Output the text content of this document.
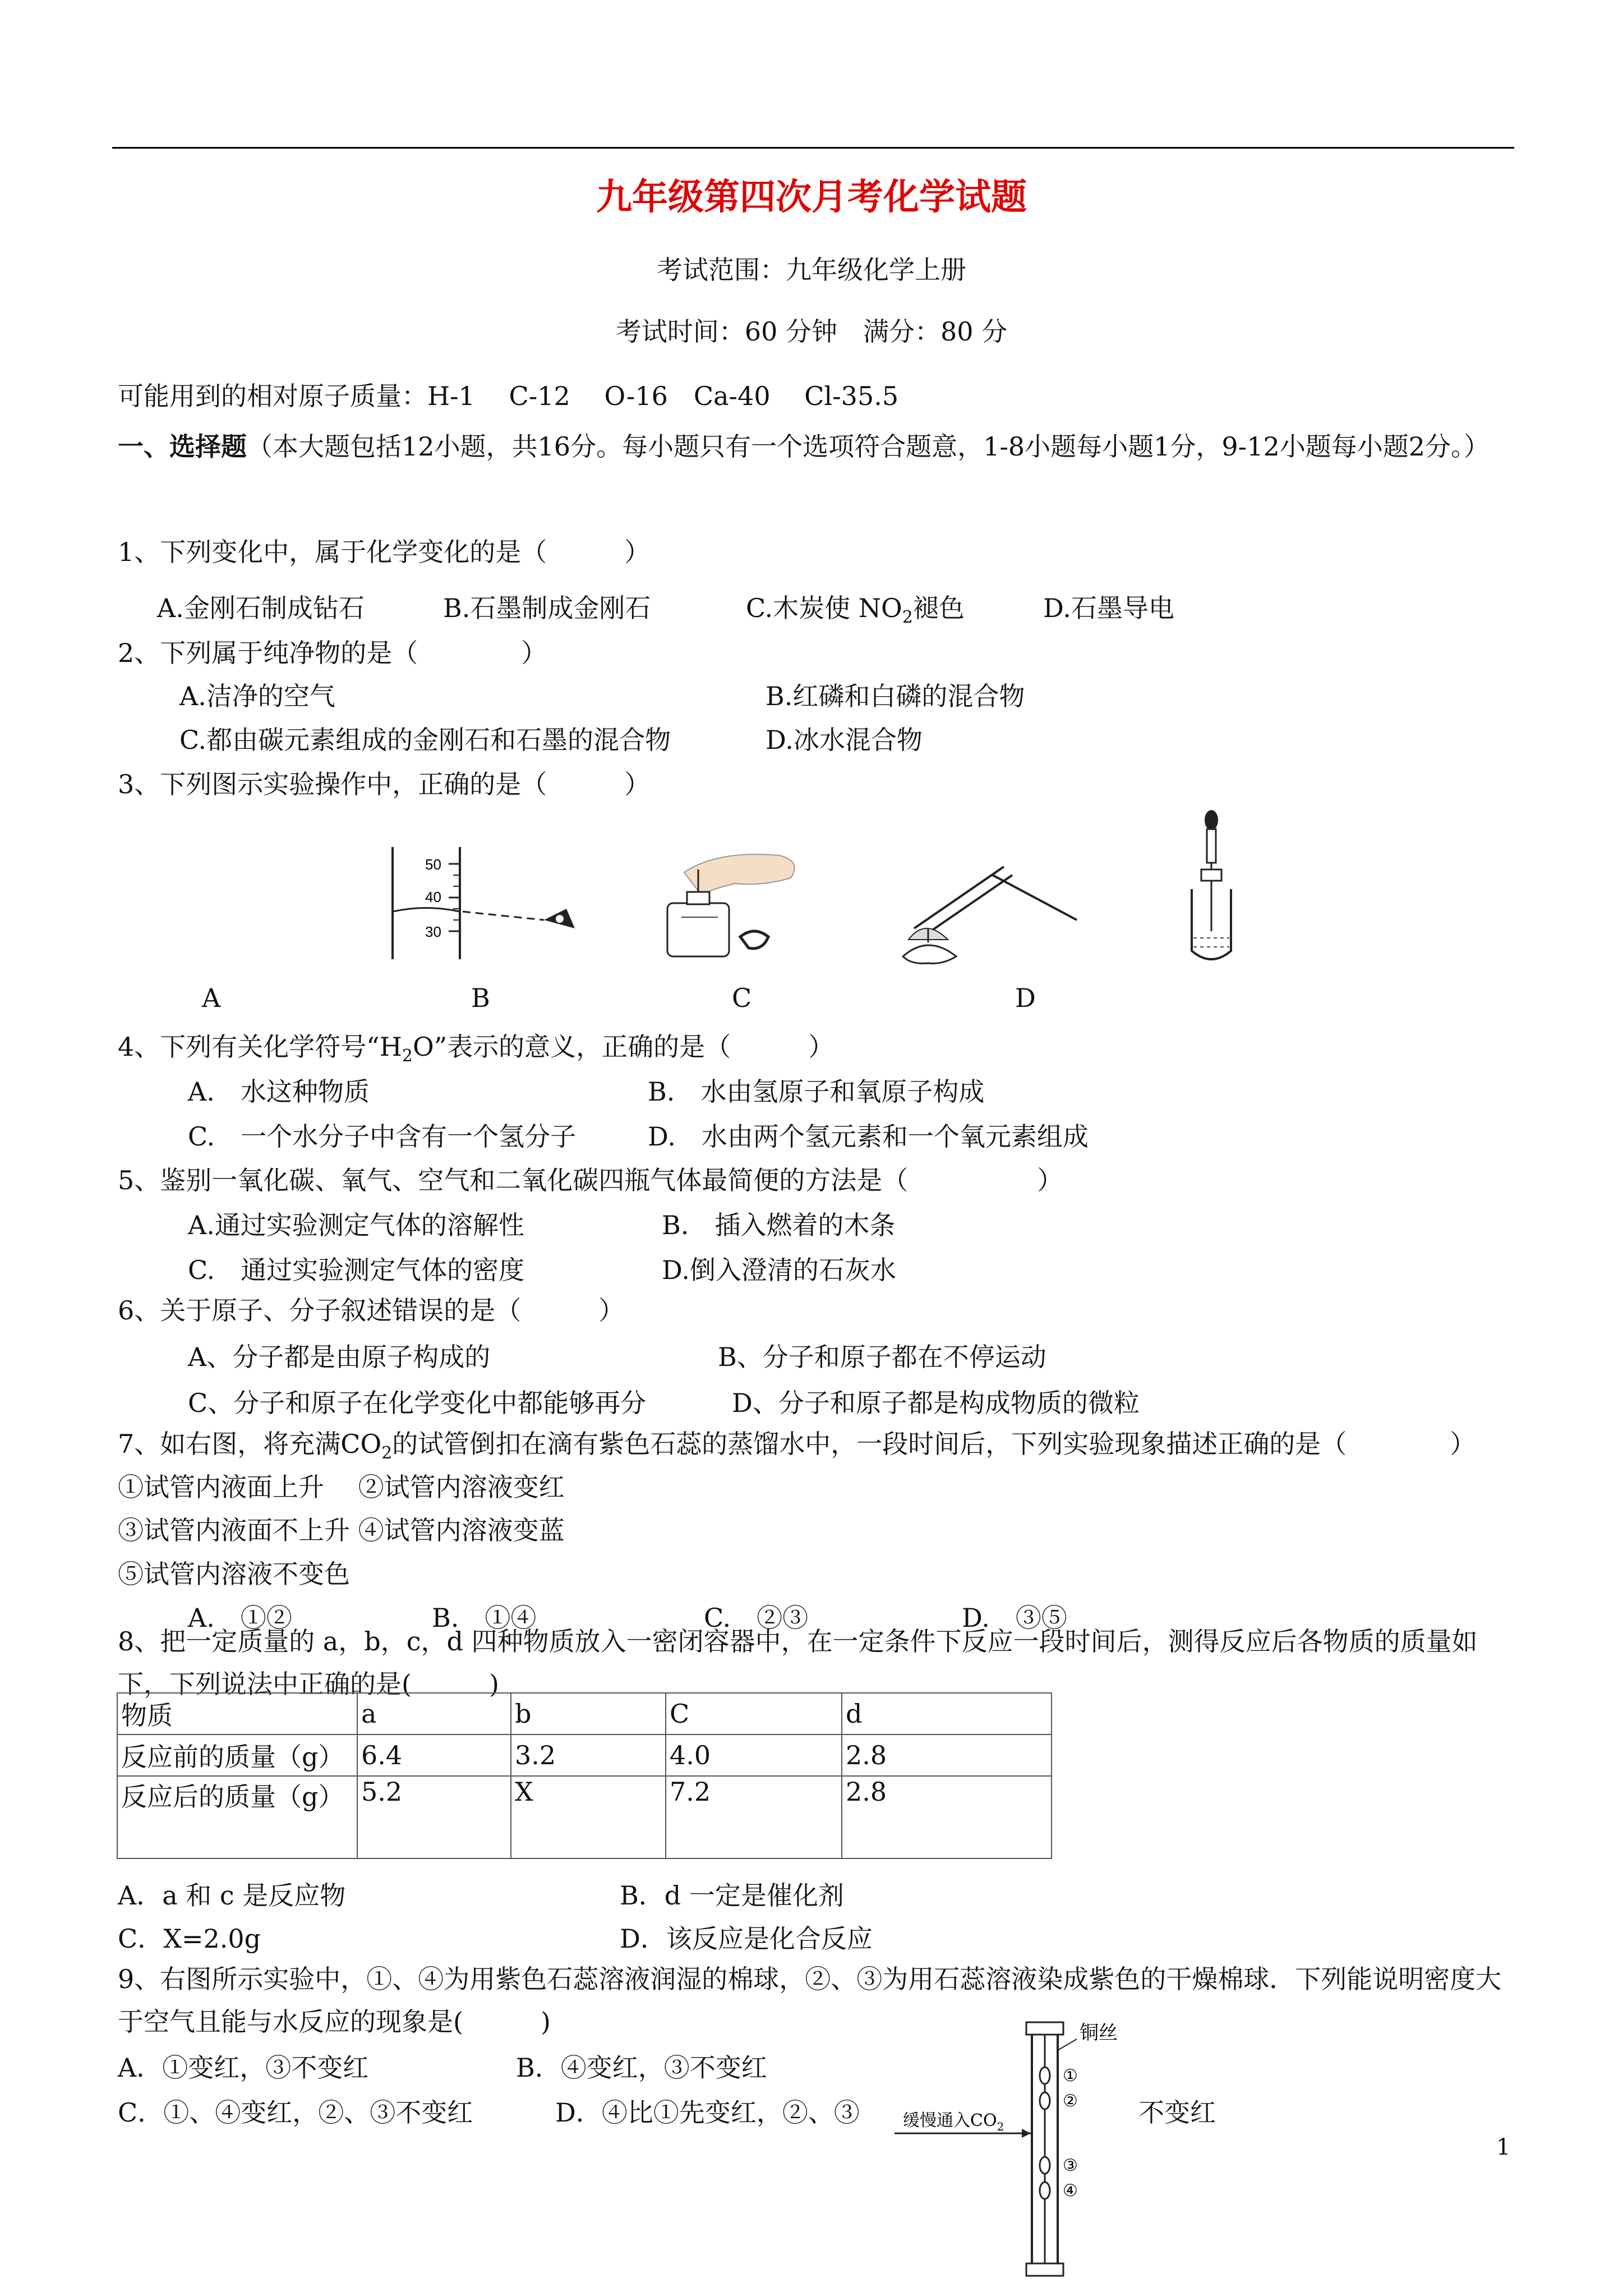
九年级第四次月考化学试题
考试范围：九年级化学上册
考试时间：60 分钟　满分：80 分
可能用到的相对原子质量：H-1　 C-12　 O-16　Ca-40　 Cl-35.5
一、选择题（本大题包括12小题，共16分。每小题只有一个选项符合题意，1-8小题每小题1分，9-12小题每小题2分。）
1、下列变化中，属于化学变化的是（　　　）
A.金刚石制成钻石	B.石墨制成金刚石	C.木炭使 $NO_2$褪色	D.石墨导电
2、下列属于纯净物的是（　　　　）
A.洁净的空气	B.红磷和白磷的混合物
C.都由碳元素组成的金刚石和石墨的混合物	D.冰水混合物
3、下列图示实验操作中，正确的是（　　　）
50
40
30
A	B	C	D
4、下列有关化学符号“$H_2O$”表示的意义，正确的是（　　　）
A.　水这种物质	B.　水由氢原子和氧原子构成
C.　一个水分子中含有一个氢分子	D.　水由两个氢元素和一个氧元素组成
5、鉴别一氧化碳、氧气、空气和二氧化碳四瓶气体最简便的方法是（　　　　　）
A.通过实验测定气体的溶解性	B.　插入燃着的木条
C.　通过实验测定气体的密度	D.倒入澄清的石灰水
6、关于原子、分子叙述错误的是（　　　）
A、分子都是由原子构成的	B、分子和原子都在不停运动
C、分子和原子在化学变化中都能够再分	D、分子和原子都是构成物质的微粒
7、如右图，将充满$CO_2$的试管倒扣在滴有紫色石蕊的蒸馏水中，一段时间后，下列实验现象描述正确的是（　　　　）
①试管内液面上升　 ②试管内溶液变红
③试管内液面不上升 ④试管内溶液变蓝
⑤试管内溶液不变色
A.　①②	B.　①④	C.　②③	D.　③⑤
8、把一定质量的 a，b，c，d 四种物质放入一密闭容器中，在一定条件下反应一段时间后，测得反应后各物质的质量如下，下列说法中正确的是(　　　)
物质	a	b	C	d
反应前的质量（g）	6.4	3.2	4.0	2.8
反应后的质量（g）	5.2	X	7.2	2.8
A．a 和 c 是反应物	B．d 一定是催化剂
C．X=2.0g	D．该反应是化合反应
9、右图所示实验中，①、④为用紫色石蕊溶液润湿的棉球，②、③为用石蕊溶液染成紫色的干燥棉球．下列能说明密度大于空气且能与水反应的现象是(　　　)
A．①变红，③不变红	B．④变红，③不变红
C．①、④变红，②、③不变红	D．④比①先变红，②、③	不变红
铜丝
缓慢通入$CO_2$
①
②
③
④
1
